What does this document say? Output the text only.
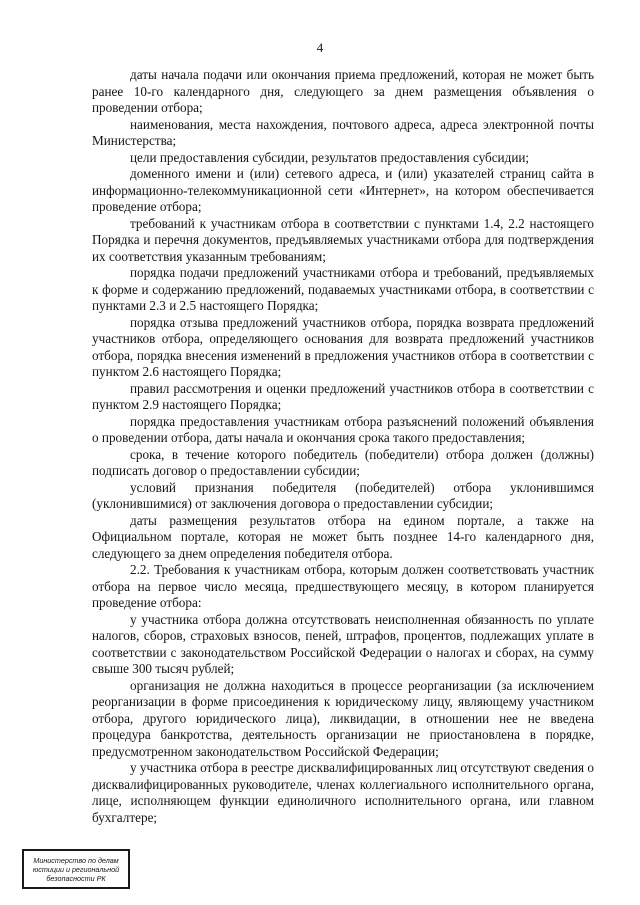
4

даты начала подачи или окончания приема предложений, которая не может быть ранее 10-го календарного дня, следующего за днем размещения объявления о проведении отбора;

наименования, места нахождения, почтового адреса, адреса электронной почты Министерства;

цели предоставления субсидии, результатов предоставления субсидии;

доменного имени и (или) сетевого адреса, и (или) указателей страниц сайта в информационно-телекоммуникационной сети «Интернет», на котором обеспечивается проведение отбора;

требований к участникам отбора в соответствии с пунктами 1.4, 2.2 настоящего Порядка и перечня документов, предъявляемых участниками отбора для подтверждения их соответствия указанным требованиям;

порядка подачи предложений участниками отбора и требований, предъявляемых к форме и содержанию предложений, подаваемых участниками отбора, в соответствии с пунктами 2.3 и 2.5 настоящего Порядка;

порядка отзыва предложений участников отбора, порядка возврата предложений участников отбора, определяющего основания для возврата предложений участников отбора, порядка внесения изменений в предложения участников отбора в соответствии с пунктом 2.6 настоящего Порядка;

правил рассмотрения и оценки предложений участников отбора в соответствии с пунктом 2.9 настоящего Порядка;

порядка предоставления участникам отбора разъяснений положений объявления о проведении отбора, даты начала и окончания срока такого предоставления;

срока, в течение которого победитель (победители) отбора должен (должны) подписать договор о предоставлении субсидии;

условий признания победителя (победителей) отбора уклонившимся (уклонившимися) от заключения договора о предоставлении субсидии;

даты размещения результатов отбора на едином портале, а также на Официальном портале, которая не может быть позднее 14-го календарного дня, следующего за днем определения победителя отбора.

2.2. Требования к участникам отбора, которым должен соответствовать участник отбора на первое число месяца, предшествующего месяцу, в котором планируется проведение отбора:

у участника отбора должна отсутствовать неисполненная обязанность по уплате налогов, сборов, страховых взносов, пеней, штрафов, процентов, подлежащих уплате в соответствии с законодательством Российской Федерации о налогах и сборах, на сумму свыше 300 тысяч рублей;

организация не должна находиться в процессе реорганизации (за исключением реорганизации в форме присоединения к юридическому лицу, являющему участником отбора, другого юридического лица), ликвидации, в отношении нее не введена процедура банкротства, деятельность организации не приостановлена в порядке, предусмотренном законодательством Российской Федерации;

у участника отбора в реестре дисквалифицированных лиц отсутствуют сведения о дисквалифицированных руководителе, членах коллегиального исполнительного органа, лице, исполняющем функции единоличного исполнительного органа, или главном бухгалтере;

Министерство по делам
юстиции и региональной
безопасности РК
